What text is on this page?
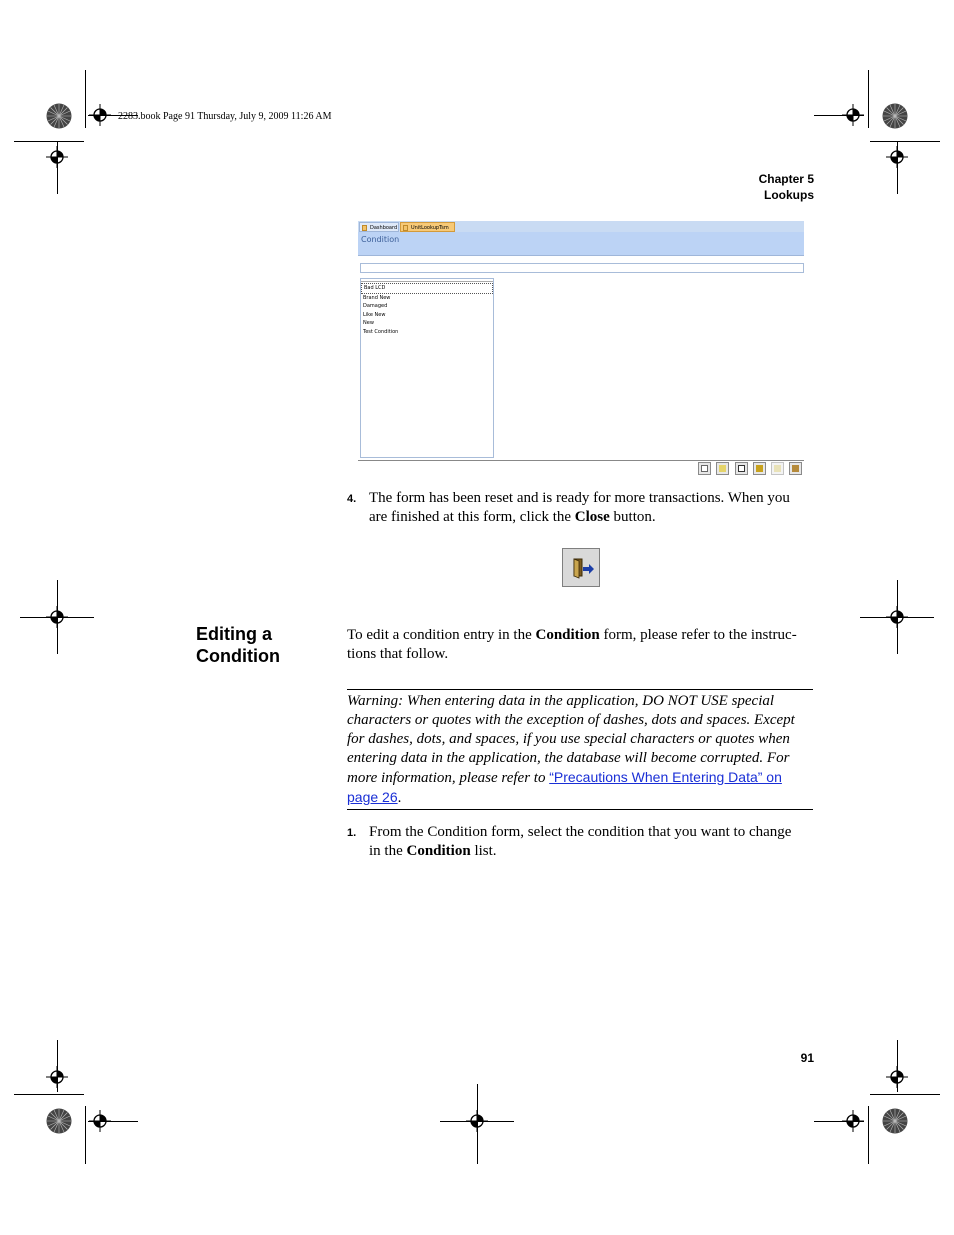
2283.book Page 91 Thursday, July 9, 2009 11:26 AM
Chapter 5
Lookups
Dashboard	UnitLookupTsm
Condition
Bad LCD
Brand New
Damaged
Like New
New
Test Condition
4. The form has been reset and is ready for more transactions. When you
are finished at this form, click the Close button.
Editing a
Condition
To edit a condition entry in the Condition form, please refer to the instruc-
tions that follow.
Warning: When entering data in the application, DO NOT USE special
characters or quotes with the exception of dashes, dots and spaces. Except
for dashes, dots, and spaces, if you use special characters or quotes when
entering data in the application, the database will become corrupted. For
more information, please refer to “Precautions When Entering Data” on
page 26.
1. From the Condition form, select the condition that you want to change
in the Condition list.
91
